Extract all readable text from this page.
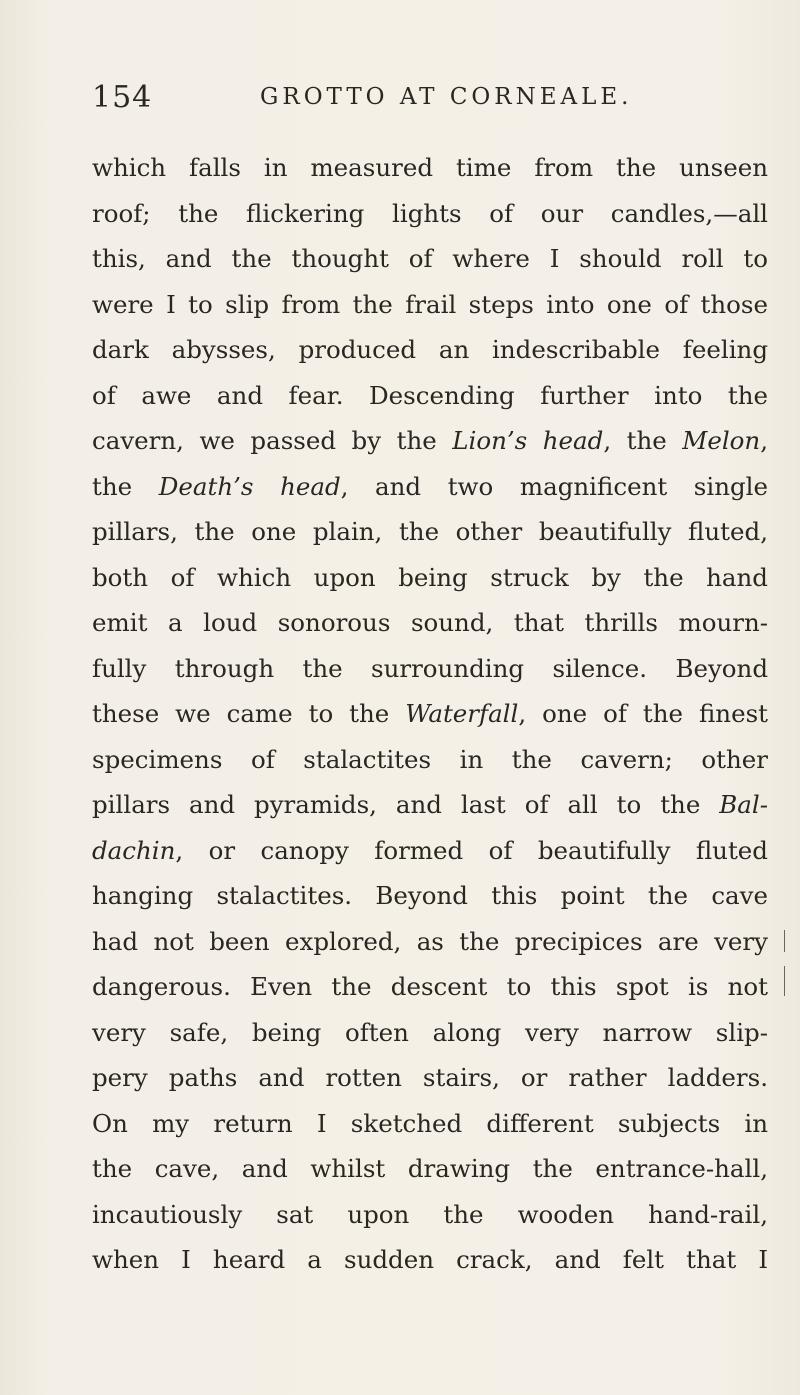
154	GROTTO AT CORNEALE.
which falls in measured time from the unseen
roof; the flickering lights of our candles,—all
this, and the thought of where I should roll to
were I to slip from the frail steps into one of those
dark abysses, produced an indescribable feeling
of awe and fear. Descending further into the
cavern, we passed by the Lion’s head, the Melon,
the Death’s head, and two magnificent single
pillars, the one plain, the other beautifully fluted,
both of which upon being struck by the hand
emit a loud sonorous sound, that thrills mourn-
fully through the surrounding silence. Beyond
these we came to the Waterfall, one of the finest
specimens of stalactites in the cavern; other
pillars and pyramids, and last of all to the Bal-
dachin, or canopy formed of beautifully fluted
hanging stalactites. Beyond this point the cave
had not been explored, as the precipices are very
dangerous. Even the descent to this spot is not
very safe, being often along very narrow slip-
pery paths and rotten stairs, or rather ladders.
On my return I sketched different subjects in
the cave, and whilst drawing the entrance-hall,
incautiously sat upon the wooden hand-rail,
when I heard a sudden crack, and felt that I
